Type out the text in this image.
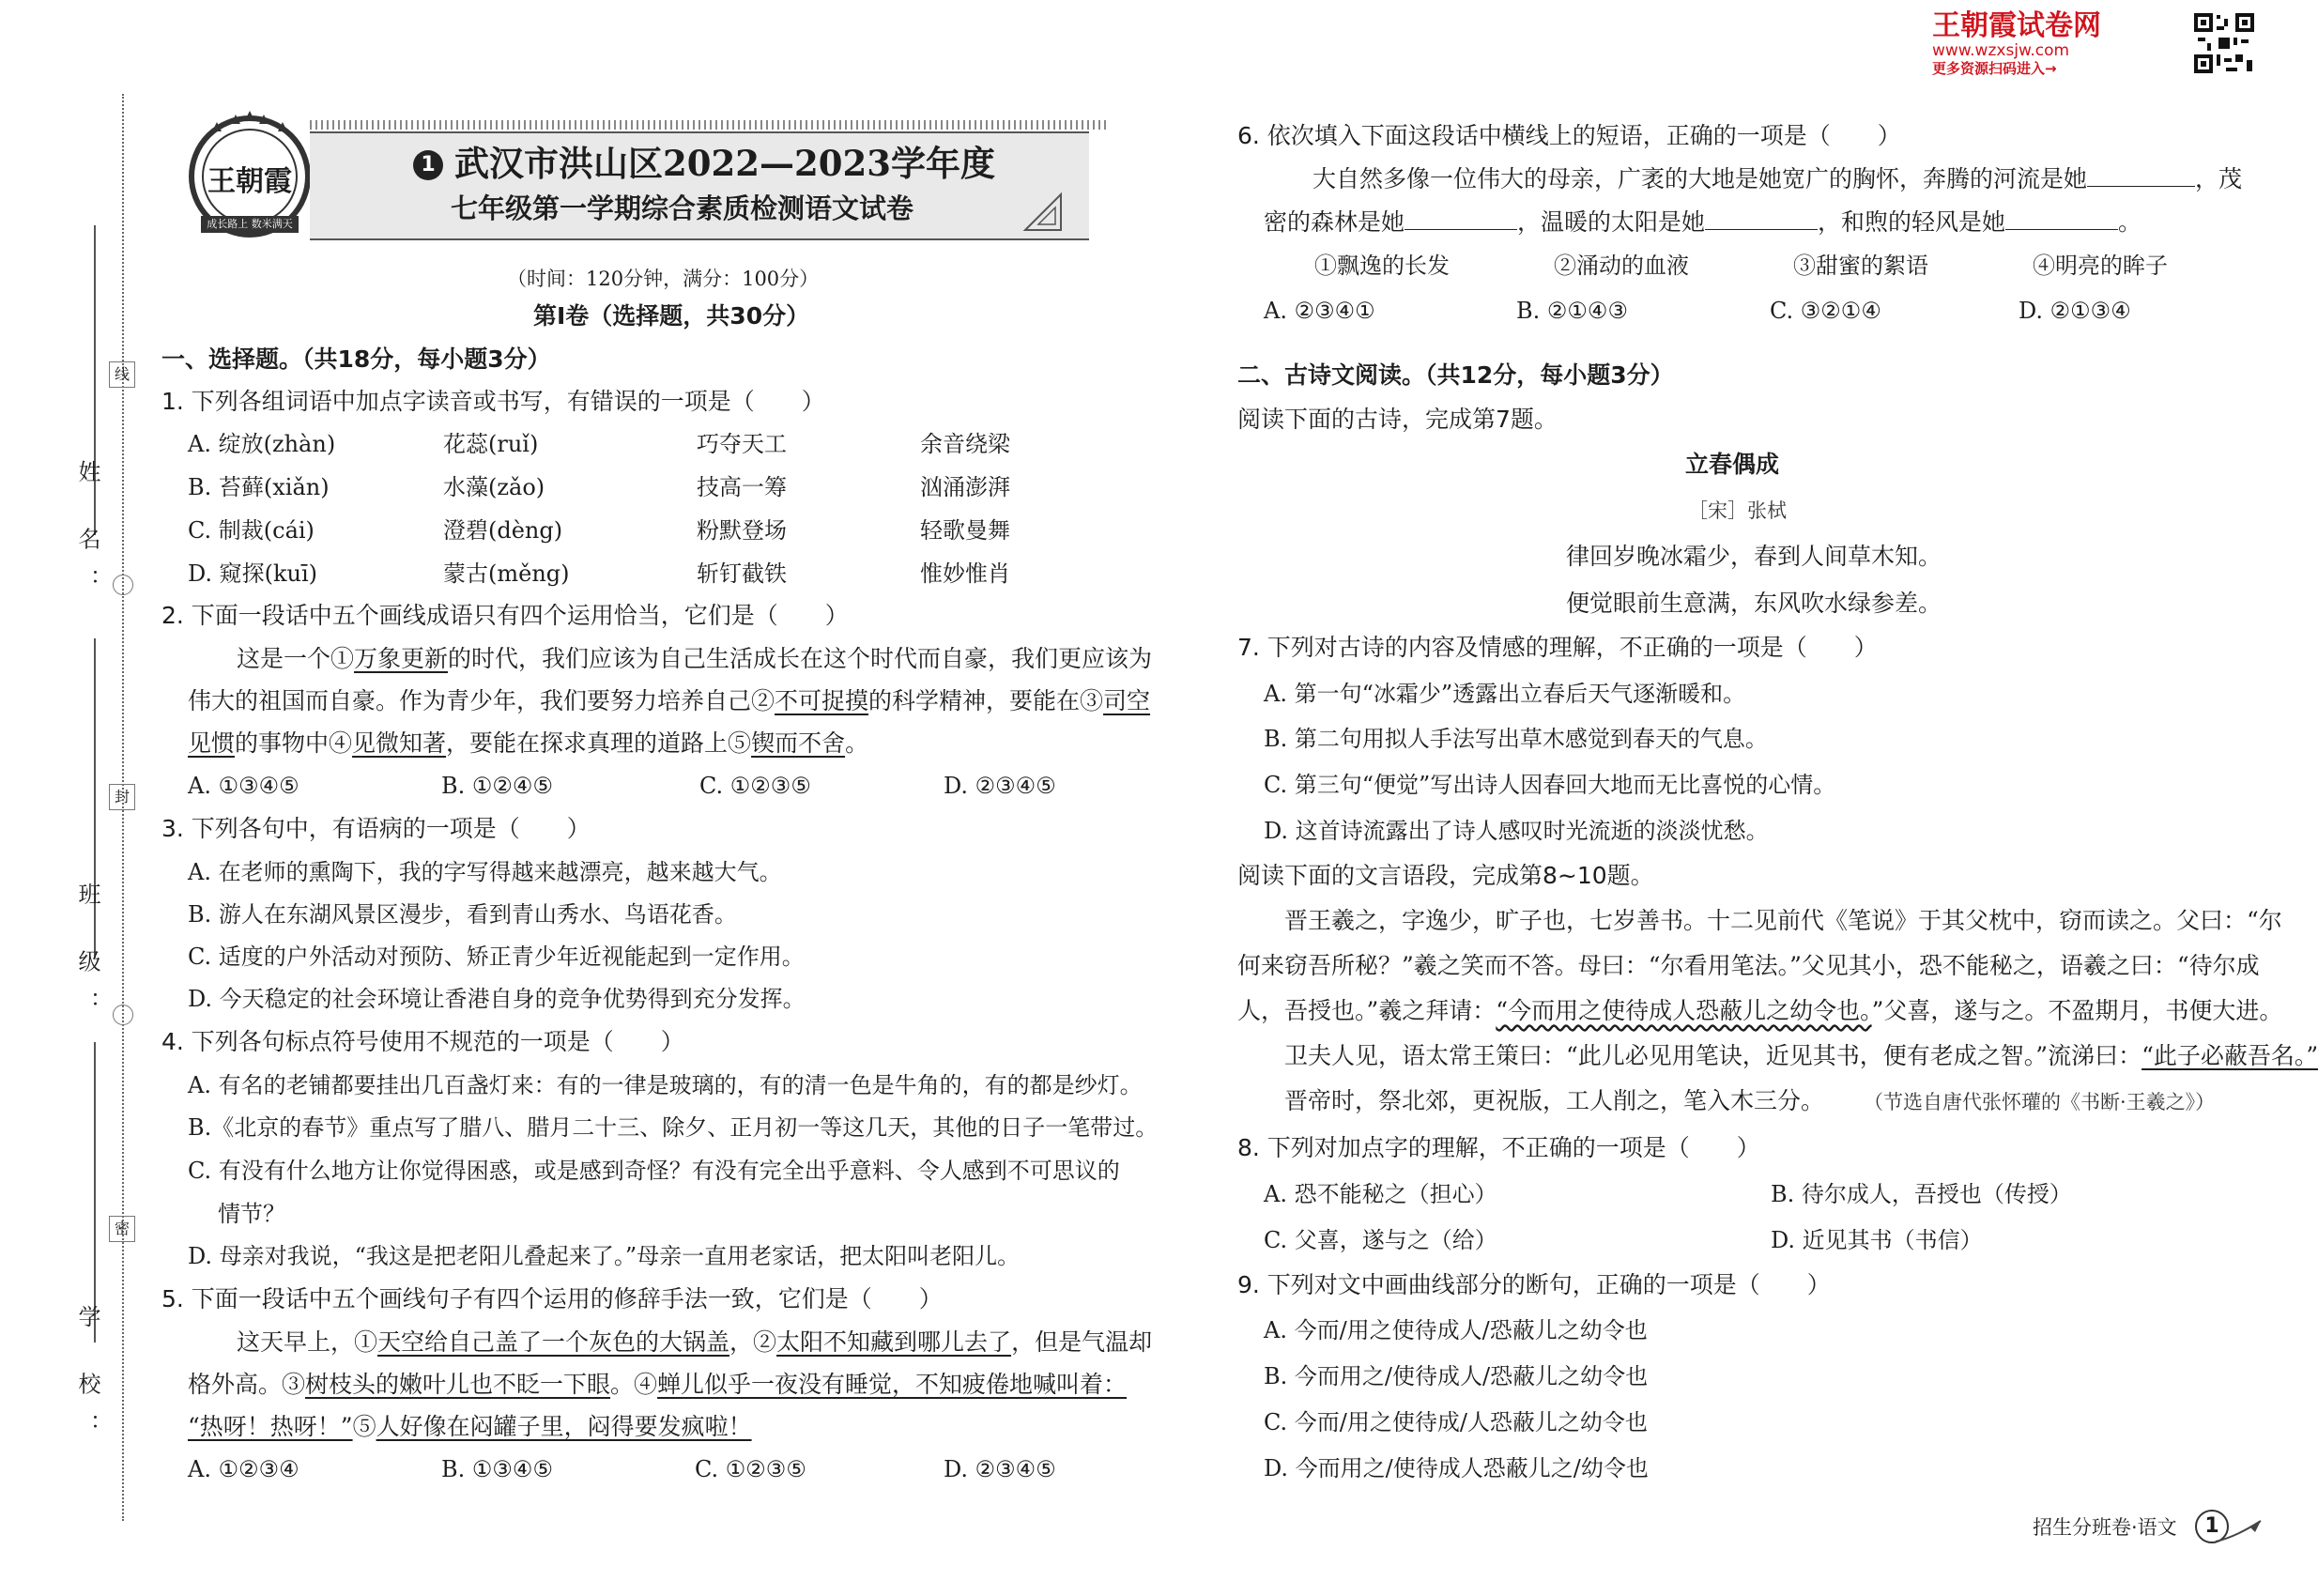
王朝霞试卷网
www.wzxsjw.com
更多资源扫码进入→
姓 名：
班 级：
学 校：
线
封
密
王朝霞
成长路上 数米满天
1 武汉市洪山区2022—2023学年度
七年级第一学期综合素质检测语文试卷
（时间：120分钟，满分：100分）
第Ⅰ卷（选择题，共30分）
一、选择题。（共18分，每小题3分）
1. 下列各组词语中加点字读音或书写，有错误的一项是（　　）
A. 绽放(zhàn)	花蕊(ruǐ)	巧夺天工	余音绕梁
B. 苔藓(xiǎn)	水藻(zǎo)	技高一筹	汹涌澎湃
C. 制裁(cái)	澄碧(dèng)	粉默登场	轻歌曼舞
D. 窥探(kuī)	蒙古(měng)	斩钉截铁	惟妙惟肖
2. 下面一段话中五个画线成语只有四个运用恰当，它们是（　　）
这是一个①万象更新的时代，我们应该为自己生活成长在这个时代而自豪，我们更应该为
伟大的祖国而自豪。作为青少年，我们要努力培养自己②不可捉摸的科学精神，要能在③司空
见惯的事物中④见微知著，要能在探求真理的道路上⑤锲而不舍。
A. ①③④⑤	B. ①②④⑤	C. ①②③⑤	D. ②③④⑤
3. 下列各句中，有语病的一项是（　　）
A. 在老师的熏陶下，我的字写得越来越漂亮，越来越大气。
B. 游人在东湖风景区漫步，看到青山秀水、鸟语花香。
C. 适度的户外活动对预防、矫正青少年近视能起到一定作用。
D. 今天稳定的社会环境让香港自身的竞争优势得到充分发挥。
4. 下列各句标点符号使用不规范的一项是（　　）
A. 有名的老铺都要挂出几百盏灯来：有的一律是玻璃的，有的清一色是牛角的，有的都是纱灯。
B.《北京的春节》重点写了腊八、腊月二十三、除夕、正月初一等这几天，其他的日子一笔带过。
C. 有没有什么地方让你觉得困惑，或是感到奇怪？有没有完全出乎意料、令人感到不可思议的
情节？
D. 母亲对我说，“我这是把老阳儿叠起来了。”母亲一直用老家话，把太阳叫老阳儿。
5. 下面一段话中五个画线句子有四个运用的修辞手法一致，它们是（　　）
这天早上，①天空给自己盖了一个灰色的大锅盖，②太阳不知藏到哪儿去了，但是气温却
格外高。③树枝头的嫩叶儿也不眨一下眼。④蝉儿似乎一夜没有睡觉，不知疲倦地喊叫着：
“热呀！热呀！”⑤人好像在闷罐子里，闷得要发疯啦！
A. ①②③④	B. ①③④⑤	C. ①②③⑤	D. ②③④⑤
6. 依次填入下面这段话中横线上的短语，正确的一项是（　　）
大自然多像一位伟大的母亲，广袤的大地是她宽广的胸怀，奔腾的河流是她	，茂
密的森林是她	，温暖的太阳是她	，和煦的轻风是她	。
①飘逸的长发	②涌动的血液	③甜蜜的絮语	④明亮的眸子
A. ②③④①	B. ②①④③	C. ③②①④	D. ②①③④
二、古诗文阅读。（共12分，每小题3分）
阅读下面的古诗，完成第7题。
立春偶成
［宋］张栻
律回岁晚冰霜少，春到人间草木知。
便觉眼前生意满，东风吹水绿参差。
7. 下列对古诗的内容及情感的理解，不正确的一项是（　　）
A. 第一句“冰霜少”透露出立春后天气逐渐暖和。
B. 第二句用拟人手法写出草木感觉到春天的气息。
C. 第三句“便觉”写出诗人因春回大地而无比喜悦的心情。
D. 这首诗流露出了诗人感叹时光流逝的淡淡忧愁。
阅读下面的文言语段，完成第8~10题。
晋王羲之，字逸少，旷子也，七岁善书。十二见前代《笔说》于其父枕中，窃而读之。父曰：“尔
何来窃吾所秘？”羲之笑而不答。母曰：“尔看用笔法。”父见其小，恐不能秘之，语羲之曰：“待尔成
人，吾授也。”羲之拜请：“今而用之使待成人恐蔽儿之幼令也。”父喜，遂与之。不盈期月，书便大进。
卫夫人见，语太常王策曰：“此儿必见用笔诀，近见其书，便有老成之智。”流涕曰：“此子必蔽吾名。”
晋帝时，祭北郊，更祝版，工人削之，笔入木三分。 （节选自唐代张怀瓘的《书断·王羲之》）
8. 下列对加点字的理解，不正确的一项是（　　）
A. 恐不能秘之（担心）	B. 待尔成人，吾授也（传授）
C. 父喜，遂与之（给）	D. 近见其书（书信）
9. 下列对文中画曲线部分的断句，正确的一项是（　　）
A. 今而/用之使待成人/恐蔽儿之幼令也
B. 今而用之/使待成人/恐蔽儿之幼令也
C. 今而/用之使待成/人恐蔽儿之幼令也
D. 今而用之/使待成人恐蔽儿之/幼令也
招生分班卷·语文	1
